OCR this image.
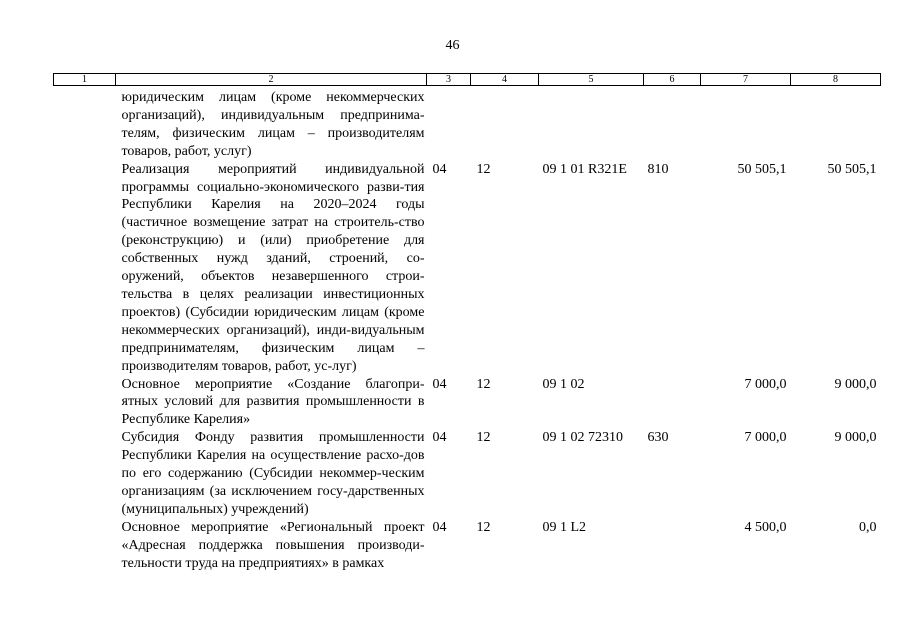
46
1	2	3	4	5	6	7	8
	юридическим лицам (кроме некоммерческих организаций), индивидуальным предпринима-телям, физическим лицам – производителям товаров, работ, услуг)						
	Реализация мероприятий индивидуальной программы социально-экономического разви-тия Республики Карелия на 2020–2024 годы (частичное возмещение затрат на строитель-ство (реконструкцию) и (или) приобретение для собственных нужд зданий, строений, со-оружений, объектов незавершенного строи-тельства в целях реализации инвестиционных проектов) (Субсидии юридическим лицам (кроме некоммерческих организаций), инди-видуальным предпринимателям, физическим лицам – производителям товаров, работ, ус-луг)	04	12	09 1 01 R321E	810	50 505,1	50 505,1
	Основное мероприятие «Создание благопри-ятных условий для развития промышленности в Республике Карелия»	04	12	09 1 02		7 000,0	9 000,0
	Субсидия Фонду развития промышленности Республики Карелия на осуществление расхо-дов по его содержанию (Субсидии некоммер-ческим организациям (за исключением госу-дарственных (муниципальных) учреждений)	04	12	09 1 02 72310	630	7 000,0	9 000,0
	Основное мероприятие «Региональный проект «Адресная поддержка повышения производи-тельности труда на предприятиях» в рамках	04	12	09 1 L2		4 500,0	0,0
